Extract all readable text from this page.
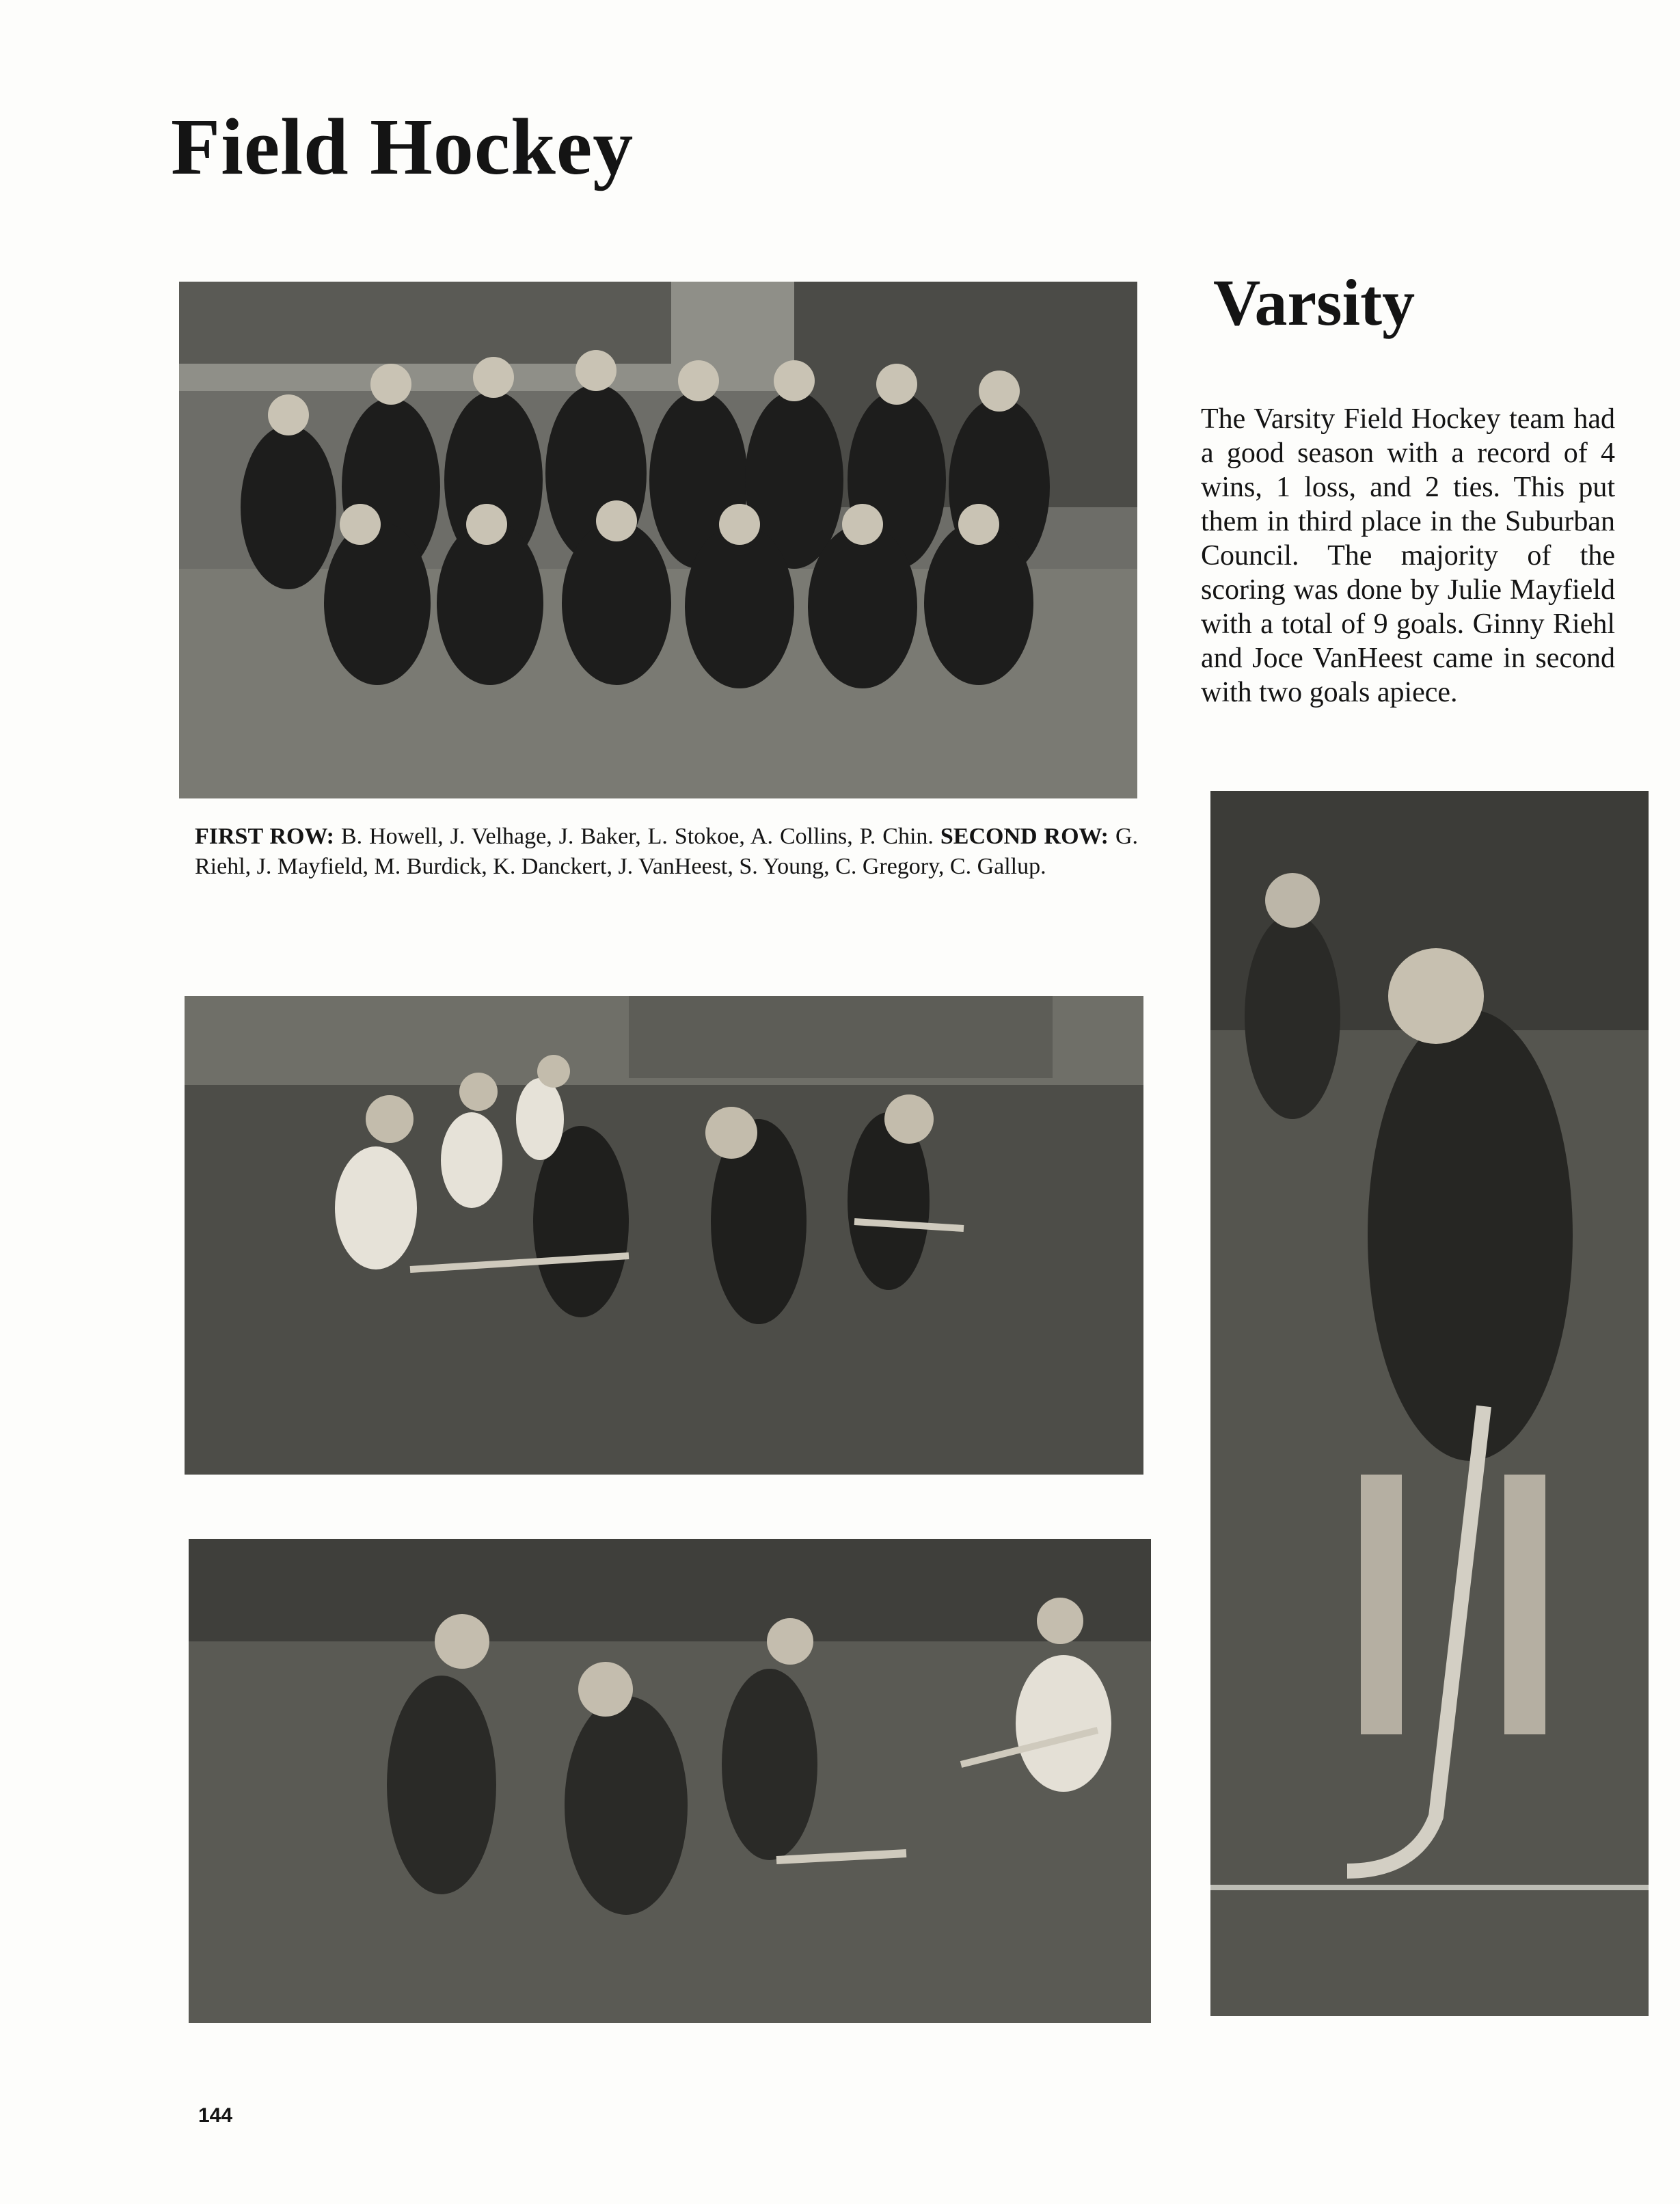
Field Hockey
Varsity

The Varsity Field Hockey team had a good season with a record of 4 wins, 1 loss, and 2 ties. This put them in third place in the Suburban Council. The majority of the scoring was done by Julie Mayfield with a total of 9 goals. Ginny Riehl and Joce VanHeest came in second with two goals apiece.

FIRST ROW: B. Howell, J. Velhage, J. Baker, L. Stokoe, A. Collins, P. Chin. SECOND ROW: G. Riehl, J. Mayfield, M. Burdick, K. Danckert, J. VanHeest, S. Young, C. Gregory, C. Gallup.

144
